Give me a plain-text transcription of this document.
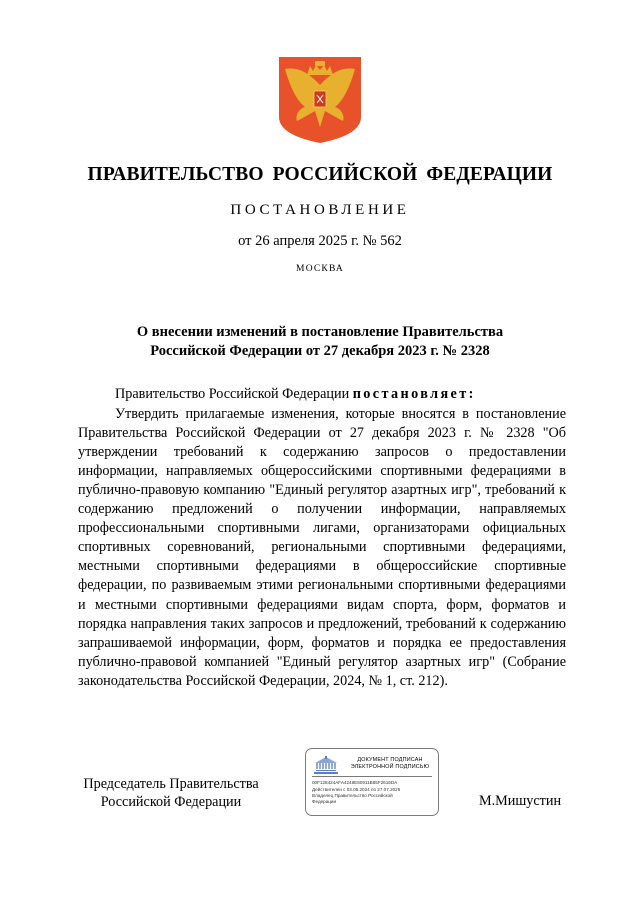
ПРАВИТЕЛЬСТВО РОССИЙСКОЙ ФЕДЕРАЦИИ
ПОСТАНОВЛЕНИЕ
от 26 апреля 2025 г. № 562
МОСКВА
О внесении изменений в постановление Правительства
Российской Федерации от 27 декабря 2023 г. № 2328
Правительство Российской Федерации постановляет:
Утвердить прилагаемые изменения, которые вносятся в постановление Правительства Российской Федерации от 27 декабря 2023 г. № 2328 "Об утверждении требований к содержанию запросов о предоставлении информации, направляемых общероссийскими спортивными федерациями в публично-правовую компанию "Единый регулятор азартных игр", требований к содержанию предложений о получении информации, направляемых профессиональными спортивными лигами, организаторами официальных спортивных соревнований, региональными спортивными федерациями, местными спортивными федерациями в общероссийские спортивные федерации, по развиваемым этими региональными спортивными федерациями и местными спортивными федерациями видам спорта, форм, форматов и порядка направления таких запросов и предложений, требований к содержанию запрашиваемой информации, форм, форматов и порядка ее предоставления публично-правовой компанией "Единый регулятор азартных игр" (Собрание законодательства Российской Федерации, 2024, № 1, ст. 212).
Председатель Правительства
Российской Федерации
ДОКУМЕНТ ПОДПИСАН
ЭЛЕКТРОННОЙ ПОДПИСЬЮ
00F128424AFA4248E50911B65F2616DA
Действителен с 03.05.2024 по 27.07.2025
Владелец Правительство Российской
Федерации	М.Мишустин
